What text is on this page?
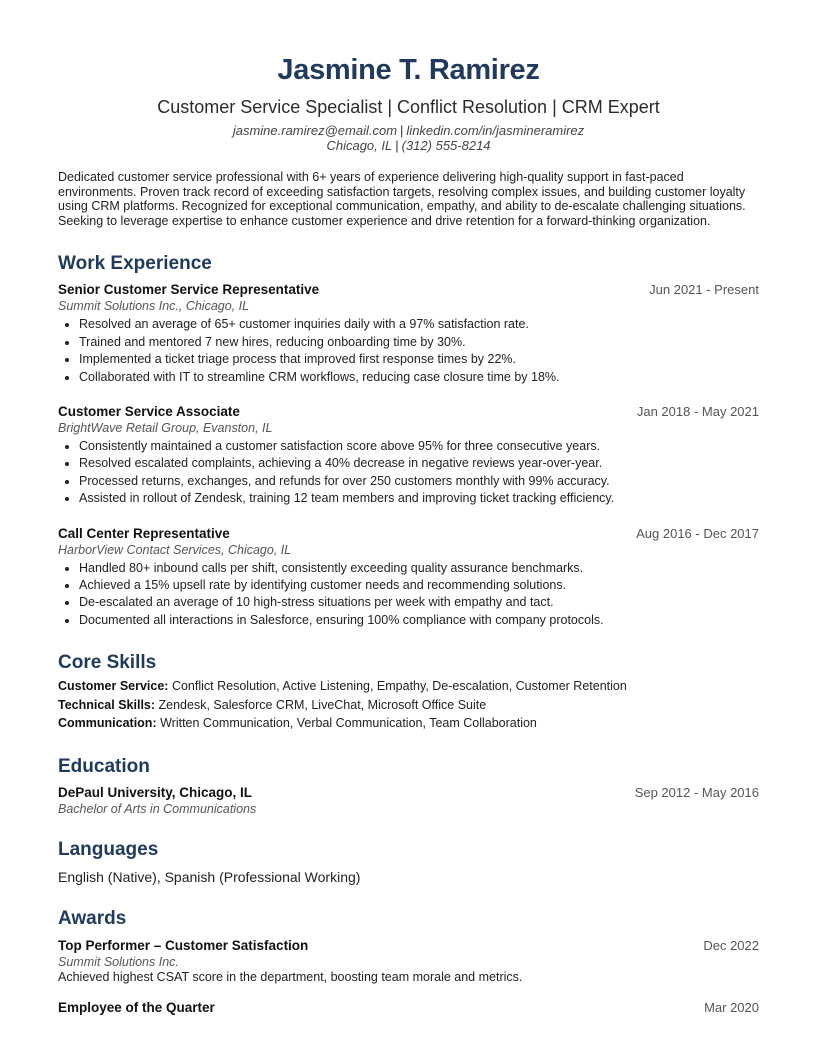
Jasmine T. Ramirez
Customer Service Specialist | Conflict Resolution | CRM Expert
jasmine.ramirez@email.com | linkedin.com/in/jasmineramirez
Chicago, IL | (312) 555-8214
Dedicated customer service professional with 6+ years of experience delivering high-quality support in fast-paced environments. Proven track record of exceeding satisfaction targets, resolving complex issues, and building customer loyalty using CRM platforms. Recognized for exceptional communication, empathy, and ability to de-escalate challenging situations. Seeking to leverage expertise to enhance customer experience and drive retention for a forward-thinking organization.
Work Experience
Senior Customer Service Representative	Jun 2021 - Present
Summit Solutions Inc., Chicago, IL
• Resolved an average of 65+ customer inquiries daily with a 97% satisfaction rate.
• Trained and mentored 7 new hires, reducing onboarding time by 30%.
• Implemented a ticket triage process that improved first response times by 22%.
• Collaborated with IT to streamline CRM workflows, reducing case closure time by 18%.
Customer Service Associate	Jan 2018 - May 2021
BrightWave Retail Group, Evanston, IL
• Consistently maintained a customer satisfaction score above 95% for three consecutive years.
• Resolved escalated complaints, achieving a 40% decrease in negative reviews year-over-year.
• Processed returns, exchanges, and refunds for over 250 customers monthly with 99% accuracy.
• Assisted in rollout of Zendesk, training 12 team members and improving ticket tracking efficiency.
Call Center Representative	Aug 2016 - Dec 2017
HarborView Contact Services, Chicago, IL
• Handled 80+ inbound calls per shift, consistently exceeding quality assurance benchmarks.
• Achieved a 15% upsell rate by identifying customer needs and recommending solutions.
• De-escalated an average of 10 high-stress situations per week with empathy and tact.
• Documented all interactions in Salesforce, ensuring 100% compliance with company protocols.
Core Skills
Customer Service: Conflict Resolution, Active Listening, Empathy, De-escalation, Customer Retention
Technical Skills: Zendesk, Salesforce CRM, LiveChat, Microsoft Office Suite
Communication: Written Communication, Verbal Communication, Team Collaboration
Education
DePaul University, Chicago, IL	Sep 2012 - May 2016
Bachelor of Arts in Communications
Languages
English (Native), Spanish (Professional Working)
Awards
Top Performer – Customer Satisfaction	Dec 2022
Summit Solutions Inc.
Achieved highest CSAT score in the department, boosting team morale and metrics.
Employee of the Quarter	Mar 2020
